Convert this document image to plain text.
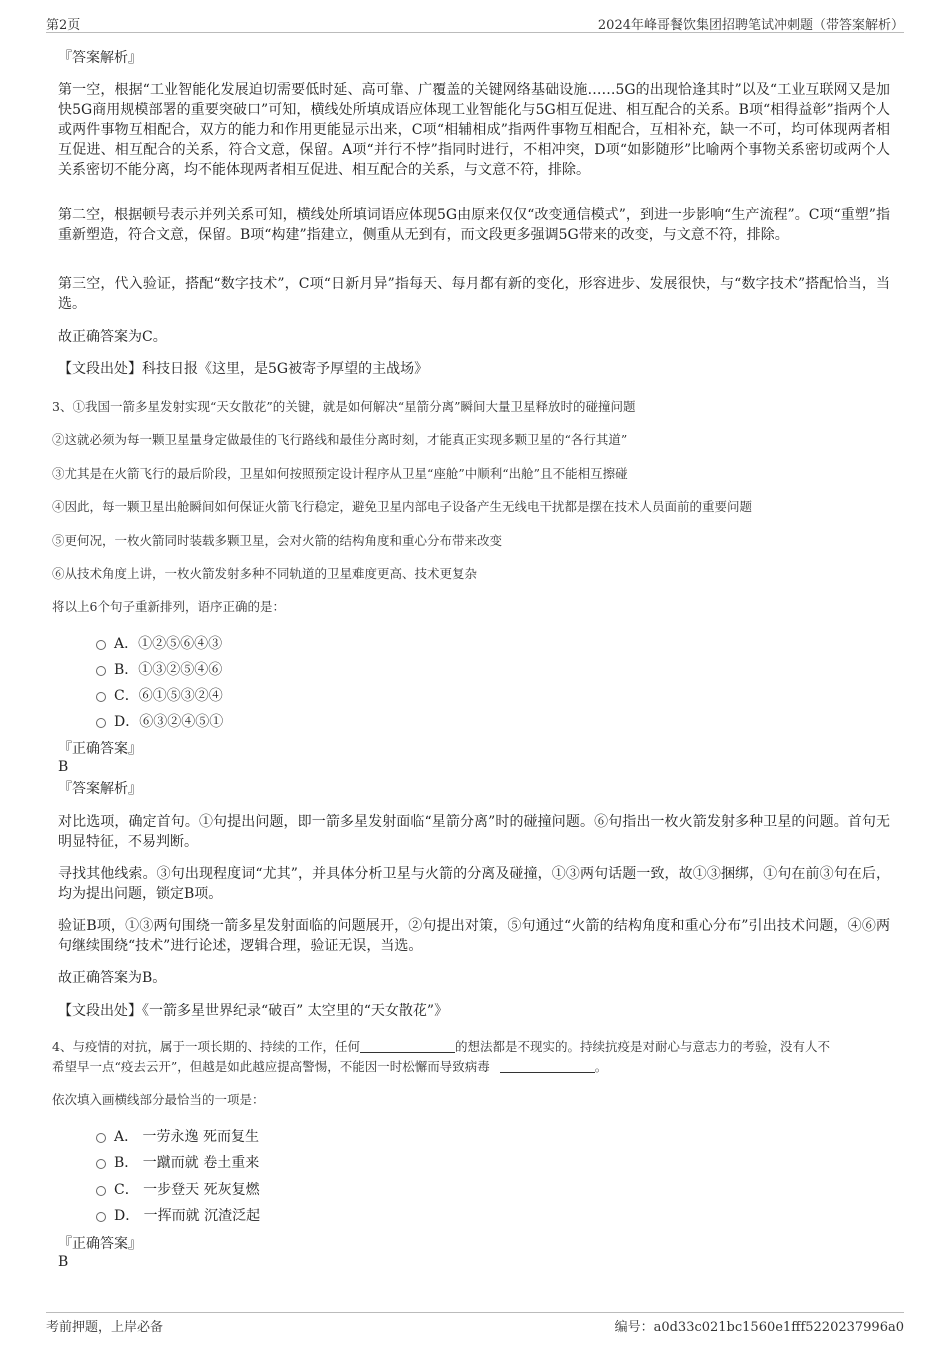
第2页	2024年峰哥餐饮集团招聘笔试冲刺题（带答案解析）
『答案解析』
第一空，根据“工业智能化发展迫切需要低时延、高可靠、广覆盖的关键网络基础设施……5G的出现恰逢其时”以及“工业互联网又是加快5G商用规模部署的重要突破口”可知，横线处所填成语应体现工业智能化与5G相互促进、相互配合的关系。B项“相得益彰”指两个人或两件事物互相配合，双方的能力和作用更能显示出来，C项“相辅相成”指两件事物互相配合，互相补充，缺一不可，均可体现两者相互促进、相互配合的关系，符合文意，保留。A项“并行不悖”指同时进行，不相冲突，D项“如影随形”比喻两个事物关系密切或两个人关系密切不能分离，均不能体现两者相互促进、相互配合的关系，与文意不符，排除。
第二空，根据顿号表示并列关系可知，横线处所填词语应体现5G由原来仅仅“改变通信模式”，到进一步影响“生产流程”。C项“重塑”指重新塑造，符合文意，保留。B项“构建”指建立，侧重从无到有，而文段更多强调5G带来的改变，与文意不符，排除。
第三空，代入验证，搭配“数字技术”，C项“日新月异”指每天、每月都有新的变化，形容进步、发展很快，与“数字技术”搭配恰当，当选。
故正确答案为C。
【文段出处】科技日报《这里，是5G被寄予厚望的主战场》
3、①我国一箭多星发射实现“天女散花”的关键，就是如何解决“星箭分离”瞬间大量卫星释放时的碰撞问题
②这就必须为每一颗卫星量身定做最佳的飞行路线和最佳分离时刻，才能真正实现多颗卫星的“各行其道”
③尤其是在火箭飞行的最后阶段，卫星如何按照预定设计程序从卫星“座舱”中顺利“出舱”且不能相互擦碰
④因此，每一颗卫星出舱瞬间如何保证火箭飞行稳定，避免卫星内部电子设备产生无线电干扰都是摆在技术人员面前的重要问题
⑤更何况，一枚火箭同时装载多颗卫星，会对火箭的结构角度和重心分布带来改变
⑥从技术角度上讲，一枚火箭发射多种不同轨道的卫星难度更高、技术更复杂
将以上6个句子重新排列，语序正确的是：
A．①②⑤⑥④③
B．①③②⑤④⑥
C．⑥①⑤③②④
D．⑥③②④⑤①
『正确答案』
B
『答案解析』
对比选项，确定首句。①句提出问题，即一箭多星发射面临“星箭分离”时的碰撞问题。⑥句指出一枚火箭发射多种卫星的问题。首句无明显特征，不易判断。
寻找其他线索。③句出现程度词“尤其”，并具体分析卫星与火箭的分离及碰撞，①③两句话题一致，故①③捆绑，①句在前③句在后，均为提出问题，锁定B项。
验证B项，①③两句围绕一箭多星发射面临的问题展开，②句提出对策，⑤句通过“火箭的结构角度和重心分布”引出技术问题，④⑥两句继续围绕“技术”进行论述，逻辑合理，验证无误，当选。
故正确答案为B。
【文段出处】《一箭多星世界纪录“破百” 太空里的“天女散花”》
4、与疫情的对抗，属于一项长期的、持续的工作，任何	的想法都是不现实的。持续抗疫是对耐心与意志力的考验，没有人不
希望早一点“疫去云开”，但越是如此越应提高警惕，不能因一时松懈而导致病毒	。
依次填入画横线部分最恰当的一项是：
A． 一劳永逸 死而复生
B． 一蹴而就 卷土重来
C． 一步登天 死灰复燃
D． 一挥而就 沉渣泛起
『正确答案』
B
考前押题，上岸必备	编号：a0d33c021bc1560e1fff5220237996a0
